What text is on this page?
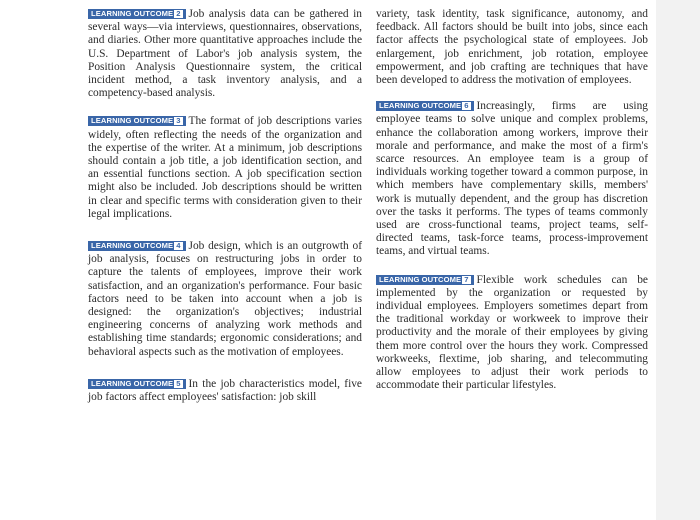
LEARNING OUTCOME 2 Job analysis data can be gathered in several ways—via interviews, questionnaires, observations, and diaries. Other more quantitative approaches include the U.S. Department of Labor's job analysis system, the Position Analysis Questionnaire system, the critical incident method, a task inventory analysis, and a competency-based analysis.

LEARNING OUTCOME 3 The format of job descriptions varies widely, often reflecting the needs of the organization and the expertise of the writer. At a minimum, job descriptions should contain a job title, a job identification section, and an essential functions section. A job specification section might also be included. Job descriptions should be written in clear and specific terms with consideration given to their legal implications.

LEARNING OUTCOME 4 Job design, which is an outgrowth of job analysis, focuses on restructuring jobs in order to capture the talents of employees, improve their work satisfaction, and an organization's performance. Four basic factors need to be taken into account when a job is designed: the organization's objectives; industrial engineering concerns of analyzing work methods and establishing time standards; ergonomic considerations; and behavioral aspects such as the motivation of employees.

LEARNING OUTCOME 5 In the job characteristics model, five job factors affect employees' satisfaction: job skill

variety, task identity, task significance, autonomy, and feedback. All factors should be built into jobs, since each factor affects the psychological state of employees. Job enlargement, job enrichment, job rotation, employee empowerment, and job crafting are techniques that have been developed to address the motivation of employees.

LEARNING OUTCOME 6 Increasingly, firms are using employee teams to solve unique and complex problems, enhance the collaboration among workers, improve their morale and performance, and make the most of a firm's scarce resources. An employee team is a group of individuals working together toward a common purpose, in which members have complementary skills, members' work is mutually dependent, and the group has discretion over the tasks it performs. The types of teams commonly used are cross-functional teams, project teams, self-directed teams, task-force teams, process-improvement teams, and virtual teams.

LEARNING OUTCOME 7 Flexible work schedules can be implemented by the organization or requested by individual employees. Employers sometimes depart from the traditional workday or workweek to improve their productivity and the morale of their employees by giving them more control over the hours they work. Compressed workweeks, flextime, job sharing, and telecommuting allow employees to adjust their work periods to accommodate their particular lifestyles.
